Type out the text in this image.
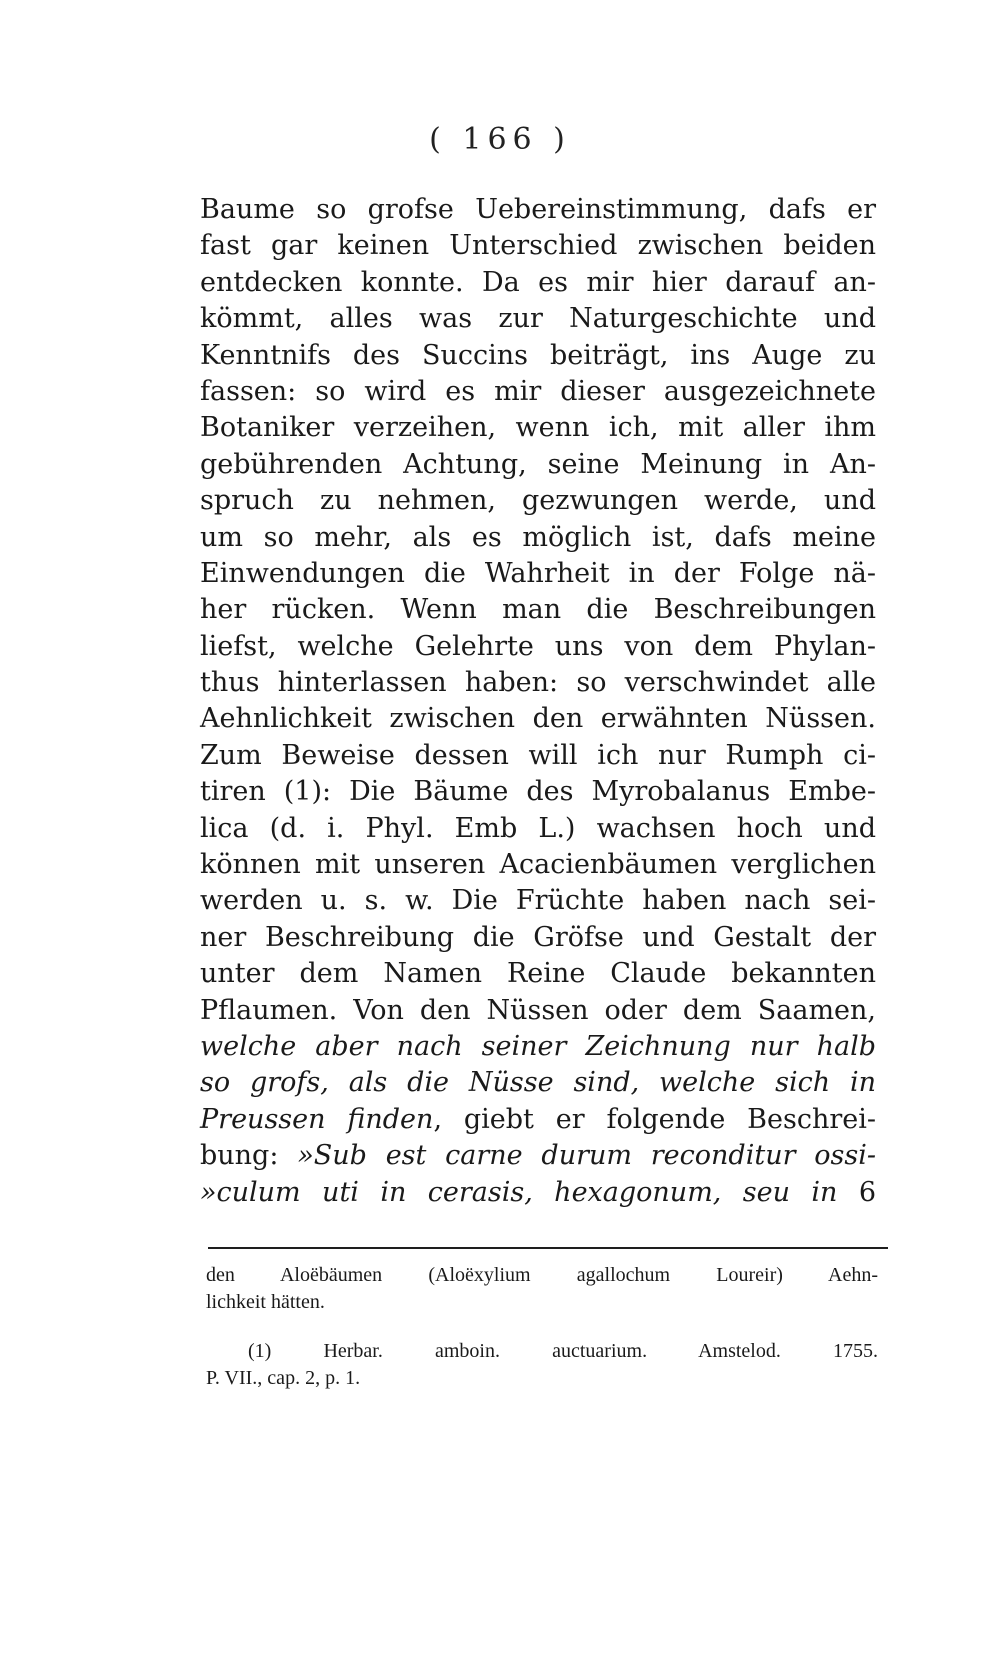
( 166 )
Baume so grofse Uebereinstimmung, dafs er
fast gar keinen Unterschied zwischen beiden
entdecken konnte. Da es mir hier darauf an-
kömmt, alles was zur Naturgeschichte und
Kenntnifs des Succins beiträgt, ins Auge zu
fassen: so wird es mir dieser ausgezeichnete
Botaniker verzeihen, wenn ich, mit aller ihm
gebührenden Achtung, seine Meinung in An-
spruch zu nehmen, gezwungen werde, und
um so mehr, als es möglich ist, dafs meine
Einwendungen die Wahrheit in der Folge nä-
her rücken. Wenn man die Beschreibungen
liefst, welche Gelehrte uns von dem Phylan-
thus hinterlassen haben: so verschwindet alle
Aehnlichkeit zwischen den erwähnten Nüssen.
Zum Beweise dessen will ich nur Rumph ci-
tiren (1): Die Bäume des Myrobalanus Embe-
lica (d. i. Phyl. Emb L.) wachsen hoch und
können mit unseren Acacienbäumen verglichen
werden u. s. w. Die Früchte haben nach sei-
ner Beschreibung die Gröfse und Gestalt der
unter dem Namen Reine Claude bekannten
Pflaumen. Von den Nüssen oder dem Saamen,
welche aber nach seiner Zeichnung nur halb
so grofs, als die Nüsse sind, welche sich in
Preussen finden, giebt er folgende Beschrei-
bung: »Sub est carne durum reconditur ossi-
»culum uti in cerasis, hexagonum, seu in 6
den Aloëbäumen (Aloëxylium agallochum Loureir) Aehn-
lichkeit hätten.
(1) Herbar. amboin. auctuarium. Amstelod. 1755.
P. VII., cap. 2, p. 1.
